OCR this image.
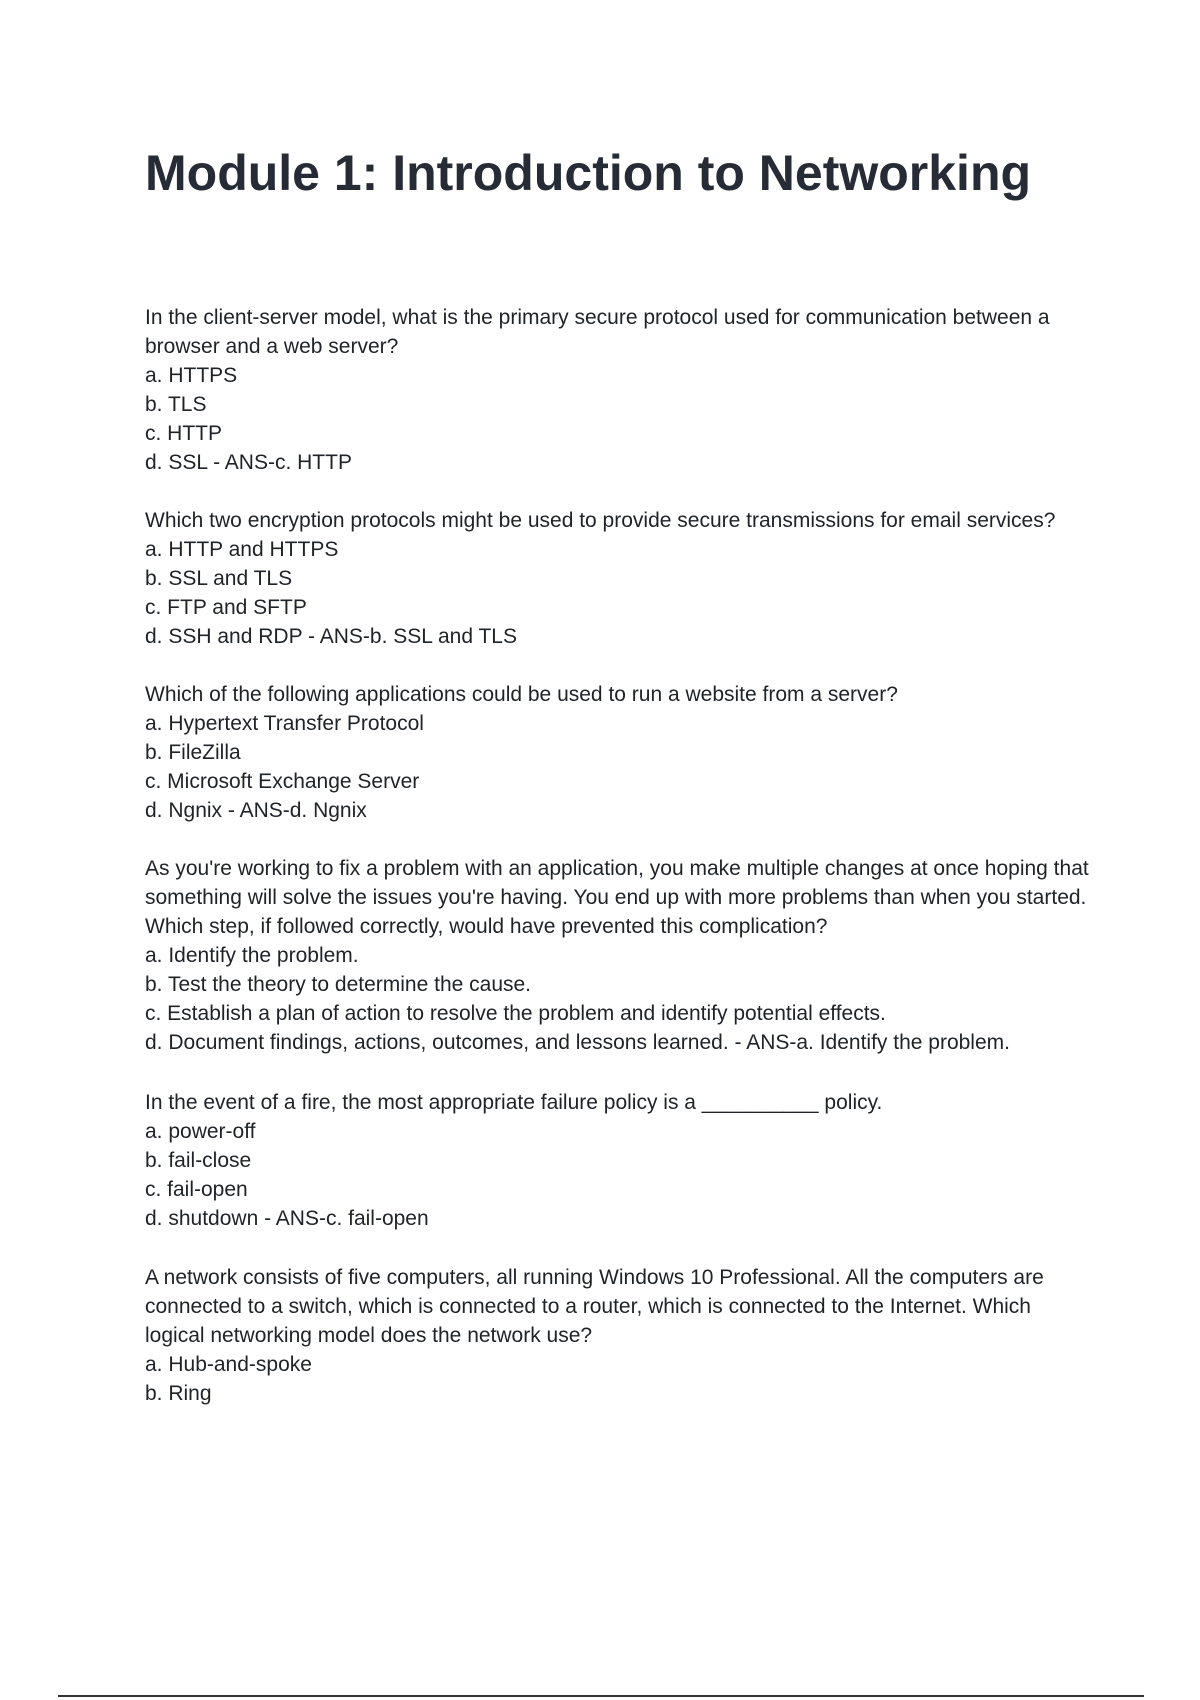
Module 1: Introduction to Networking
In the client-server model, what is the primary secure protocol used for communication between a browser and a web server?
a. HTTPS
b. TLS
c. HTTP
d. SSL - ANS-c. HTTP
Which two encryption protocols might be used to provide secure transmissions for email services?
a. HTTP and HTTPS
b. SSL and TLS
c. FTP and SFTP
d. SSH and RDP - ANS-b. SSL and TLS
Which of the following applications could be used to run a website from a server?
a. Hypertext Transfer Protocol
b. FileZilla
c. Microsoft Exchange Server
d. Ngnix - ANS-d. Ngnix
As you're working to fix a problem with an application, you make multiple changes at once hoping that something will solve the issues you're having. You end up with more problems than when you started. Which step, if followed correctly, would have prevented this complication?
a. Identify the problem.
b. Test the theory to determine the cause.
c. Establish a plan of action to resolve the problem and identify potential effects.
d. Document findings, actions, outcomes, and lessons learned. - ANS-a. Identify the problem.
In the event of a fire, the most appropriate failure policy is a __________ policy.
a. power-off
b. fail-close
c. fail-open
d. shutdown - ANS-c. fail-open
A network consists of five computers, all running Windows 10 Professional. All the computers are connected to a switch, which is connected to a router, which is connected to the Internet. Which logical networking model does the network use?
a. Hub-and-spoke
b. Ring
